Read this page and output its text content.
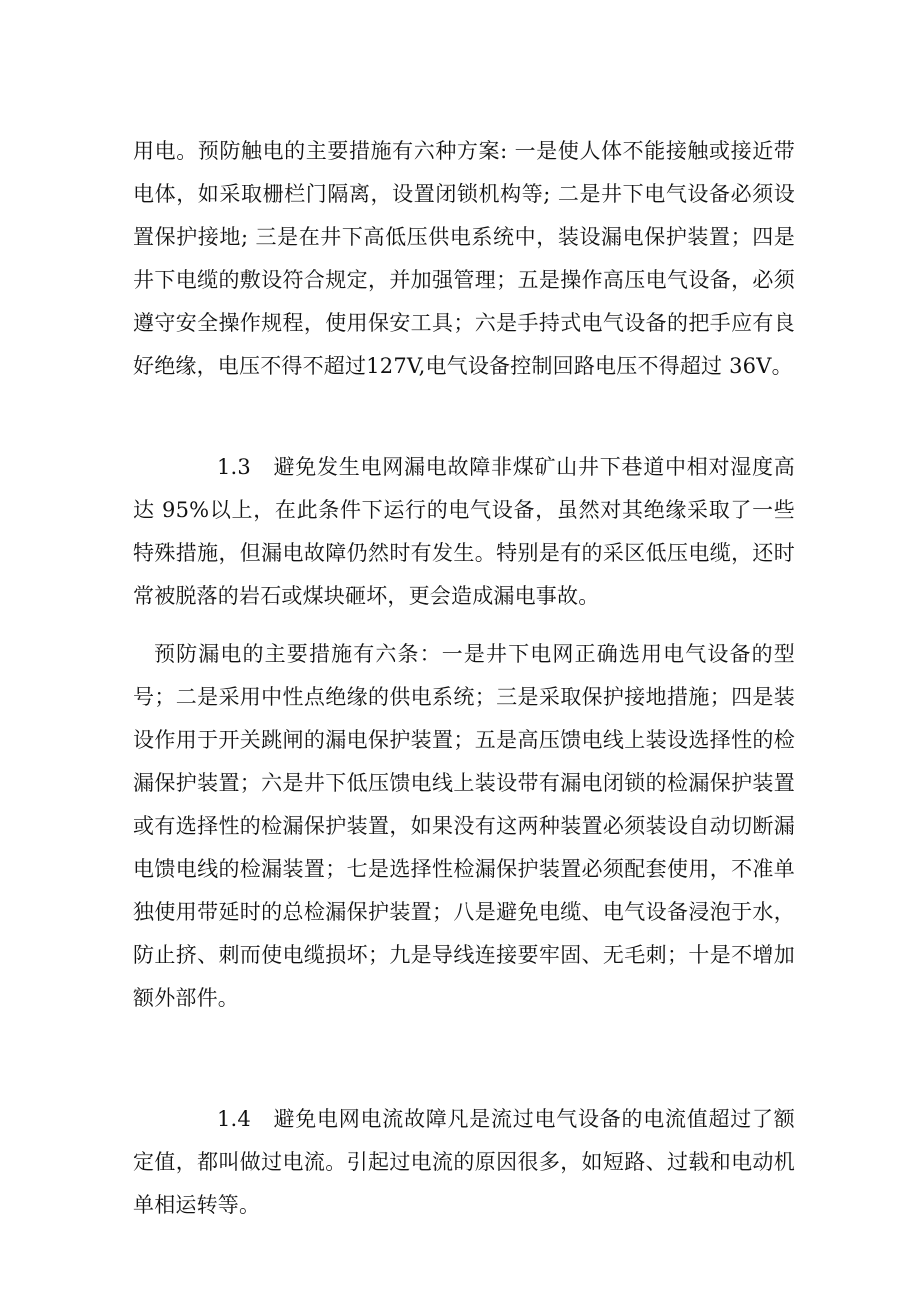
用电。预防触电的主要措施有六种方案: 一是使人体不能接触或接近带电体，如采取栅栏门隔离，设置闭锁机构等; 二是井下电气设备必须设置保护接地; 三是在井下高低压供电系统中，装设漏电保护装置；四是井下电缆的敷设符合规定，并加强管理；五是操作高压电气设备，必须遵守安全操作规程，使用保安工具；六是手持式电气设备的把手应有良好绝缘，电压不得不超过127V,电气设备控制回路电压不得超过 36V。

1.3 避免发生电网漏电故障非煤矿山井下巷道中相对湿度高达 95%以上，在此条件下运行的电气设备，虽然对其绝缘采取了一些特殊措施，但漏电故障仍然时有发生。特别是有的采区低压电缆，还时常被脱落的岩石或煤块砸坏，更会造成漏电事故。

预防漏电的主要措施有六条：一是井下电网正确选用电气设备的型号；二是采用中性点绝缘的供电系统；三是采取保护接地措施；四是装设作用于开关跳闸的漏电保护装置；五是高压馈电线上装设选择性的检漏保护装置；六是井下低压馈电线上装设带有漏电闭锁的检漏保护装置或有选择性的检漏保护装置，如果没有这两种装置必须装设自动切断漏电馈电线的检漏装置；七是选择性检漏保护装置必须配套使用，不准单独使用带延时的总检漏保护装置；八是避免电缆、电气设备浸泡于水，防止挤、刺而使电缆损坏；九是导线连接要牢固、无毛刺；十是不增加额外部件。

1.4 避免电网电流故障凡是流过电气设备的电流值超过了额定值，都叫做过电流。引起过电流的原因很多，如短路、过载和电动机单相运转等。
